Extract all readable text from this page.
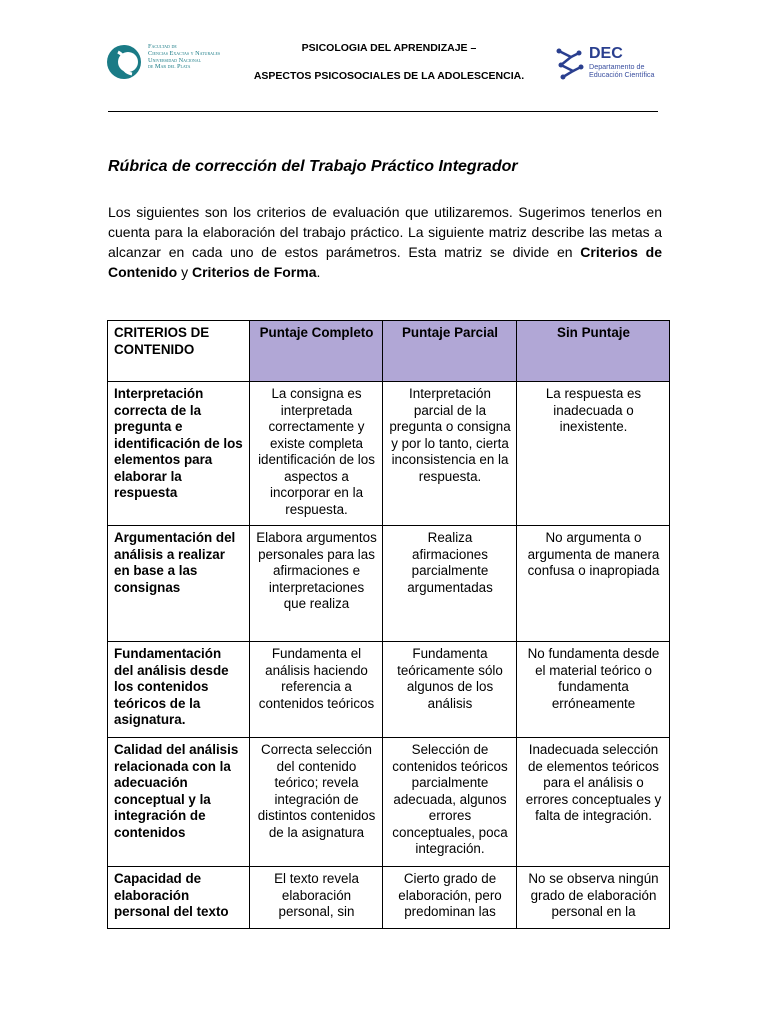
Facultad de
Ciencias Exactas y Naturales
Universidad Nacional
de Mar del Plata
PSICOLOGIA DEL APRENDIZAJE –
ASPECTOS PSICOSOCIALES DE LA ADOLESCENCIA.
DEC
Departamento de
Educación Científica
Rúbrica de corrección del Trabajo Práctico Integrador
Los siguientes son los criterios de evaluación que utilizaremos. Sugerimos tenerlos en cuenta para la elaboración del trabajo práctico. La siguiente matriz describe las metas a alcanzar en cada uno de estos parámetros. Esta matriz se divide en Criterios de Contenido y Criterios de Forma.
CRITERIOS DE CONTENIDO	Puntaje Completo	Puntaje Parcial	Sin Puntaje
Interpretación correcta de la pregunta e identificación de los elementos para elaborar la respuesta	La consigna es interpretada correctamente y existe completa identificación de los aspectos a incorporar en la respuesta.	Interpretación parcial de la pregunta o consigna y por lo tanto, cierta inconsistencia en la respuesta.	La respuesta es inadecuada o inexistente.
Argumentación del análisis a realizar en base a las consignas	Elabora argumentos personales para las afirmaciones e interpretaciones que realiza	Realiza afirmaciones parcialmente argumentadas	No argumenta o argumenta de manera confusa o inapropiada
Fundamentación del análisis desde los contenidos teóricos de la asignatura.	Fundamenta el análisis haciendo referencia a contenidos teóricos	Fundamenta teóricamente sólo algunos de los análisis	No fundamenta desde el material teórico o fundamenta erróneamente
Calidad del análisis relacionada con la adecuación conceptual y la integración de contenidos	Correcta selección del contenido teórico; revela integración de distintos contenidos de la asignatura	Selección de contenidos teóricos parcialmente adecuada, algunos errores conceptuales, poca integración.	Inadecuada selección de elementos teóricos para el análisis o errores conceptuales y falta de integración.
Capacidad de elaboración personal del texto	El texto revela elaboración personal, sin	Cierto grado de elaboración, pero predominan las	No se observa ningún grado de elaboración personal en la
